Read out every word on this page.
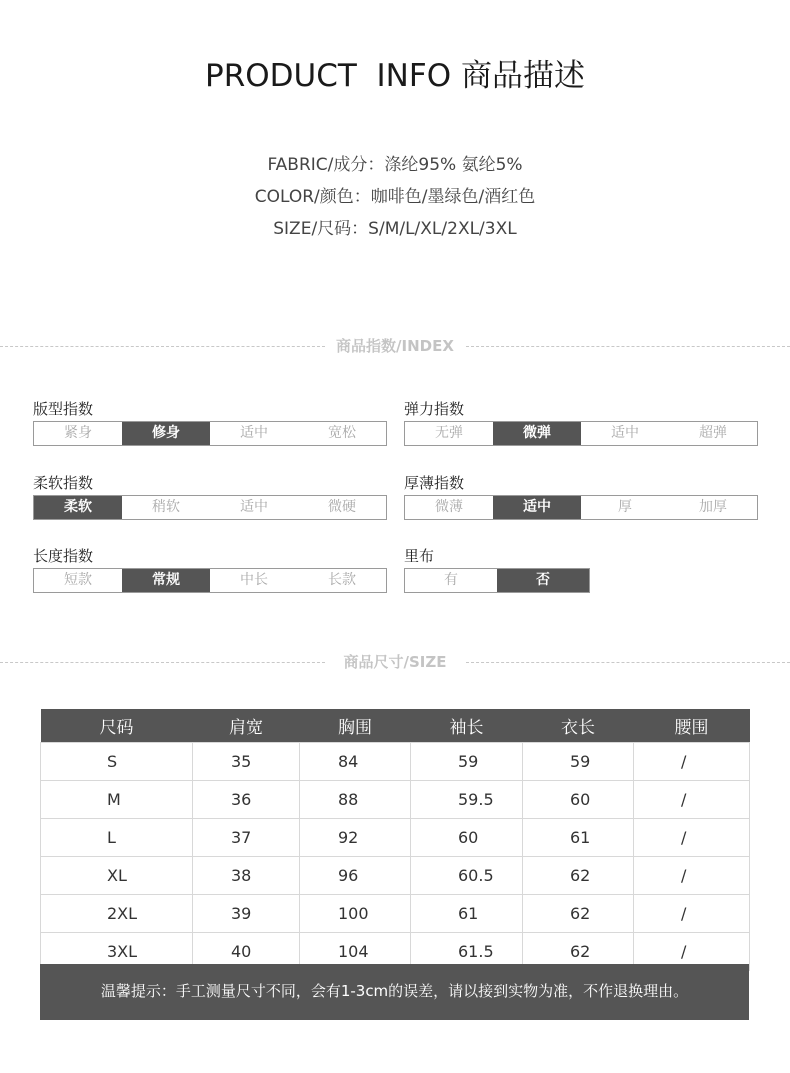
PRODUCT  INFO 商品描述
FABRIC/成分：涤纶95% 氨纶5%
COLOR/颜色：咖啡色/墨绿色/酒红色
SIZE/尺码：S/M/L/XL/2XL/3XL
商品指数/INDEX
版型指数
紧身	修身	适中	宽松
弹力指数
无弹	微弹	适中	超弹
柔软指数
柔软	稍软	适中	微硬
厚薄指数
微薄	适中	厚	加厚
长度指数
短款	常规	中长	长款
里布
有	否
商品尺寸/SIZE
尺码	肩宽	胸围	袖长	衣长	腰围
S	35	84	59	59	/
M	36	88	59.5	60	/
L	37	92	60	61	/
XL	38	96	60.5	62	/
2XL	39	100	61	62	/
3XL	40	104	61.5	62	/
温馨提示：手工测量尺寸不同，会有1-3cm的误差，请以接到实物为准，不作退换理由。
